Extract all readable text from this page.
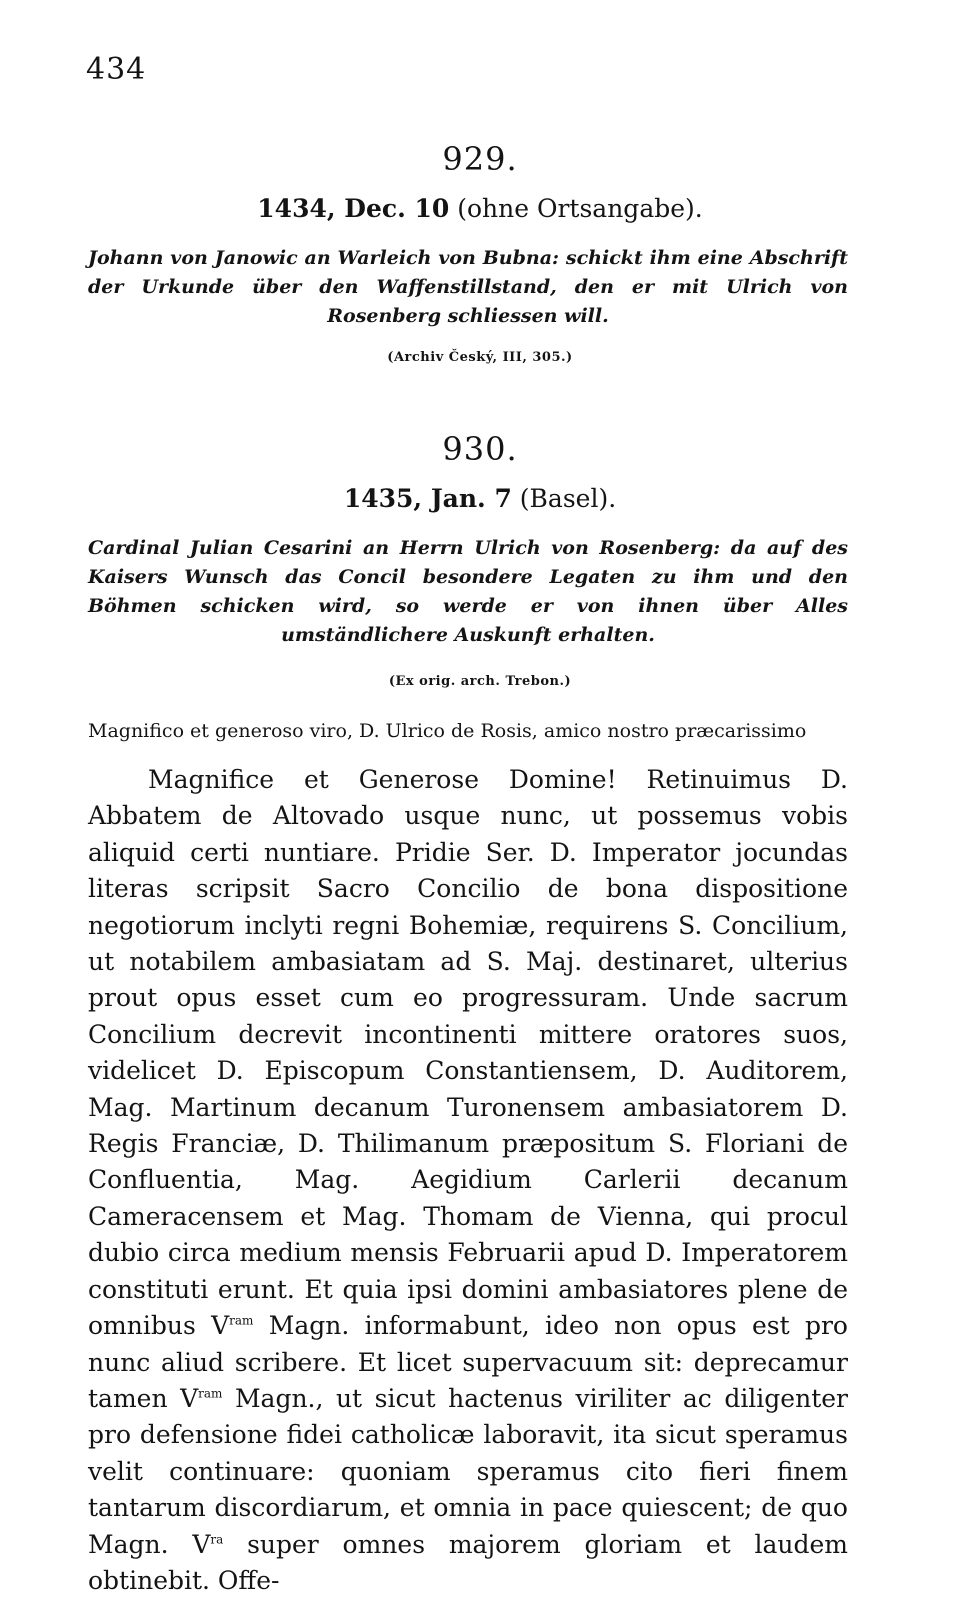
434
929.
1434, Dec. 10 (ohne Ortsangabe).
Johann von Janowic an Warleich von Bubna: schickt ihm eine Abschrift der Urkunde über den Waffenstillstand, den er mit Ulrich von Rosenberg schliessen will.
(Archiv Český, III, 305.)
930.
1435, Jan. 7 (Basel).
Cardinal Julian Cesarini an Herrn Ulrich von Rosenberg: da auf des Kaisers Wunsch das Concil besondere Legaten zu ihm und den Böhmen schicken wird, so werde er von ihnen über Alles umständlichere Auskunft erhalten.
(Ex orig. arch. Trebon.)
Magnifico et generoso viro, D. Ulrico de Rosis, amico nostro præcarissimo
Magnifice et Generose Domine! Retinuimus D. Abbatem de Altovado usque nunc, ut possemus vobis aliquid certi nuntiare. Pridie Ser. D. Imperator jocundas literas scripsit Sacro Concilio de bona dispositione negotiorum inclyti regni Bohemiæ, requirens S. Concilium, ut notabilem ambasiatam ad S. Maj. destinaret, ulterius prout opus esset cum eo progressuram. Unde sacrum Concilium decrevit incontinenti mittere oratores suos, videlicet D. Episcopum Constantiensem, D. Auditorem, Mag. Martinum decanum Turonensem ambasiatorem D. Regis Franciæ, D. Thilimanum præpositum S. Floriani de Confluentia, Mag. Aegidium Carlerii decanum Cameracensem et Mag. Thomam de Vienna, qui procul dubio circa medium mensis Februarii apud D. Imperatorem constituti erunt. Et quia ipsi domini ambasiatores plene de omnibus $V^{ram}$ Magn. informabunt, ideo non opus est pro nunc aliud scribere. Et licet supervacuum sit: deprecamur tamen $V^{ram}$ Magn., ut sicut hactenus viriliter ac diligenter pro defensione fidei catholicæ laboravit, ita sicut speramus velit continuare: quoniam speramus cito fieri finem tantarum discordiarum, et omnia in pace quiescent; de quo Magn. $V^{ra}$ super omnes majorem gloriam et laudem obtinebit. Offe-
